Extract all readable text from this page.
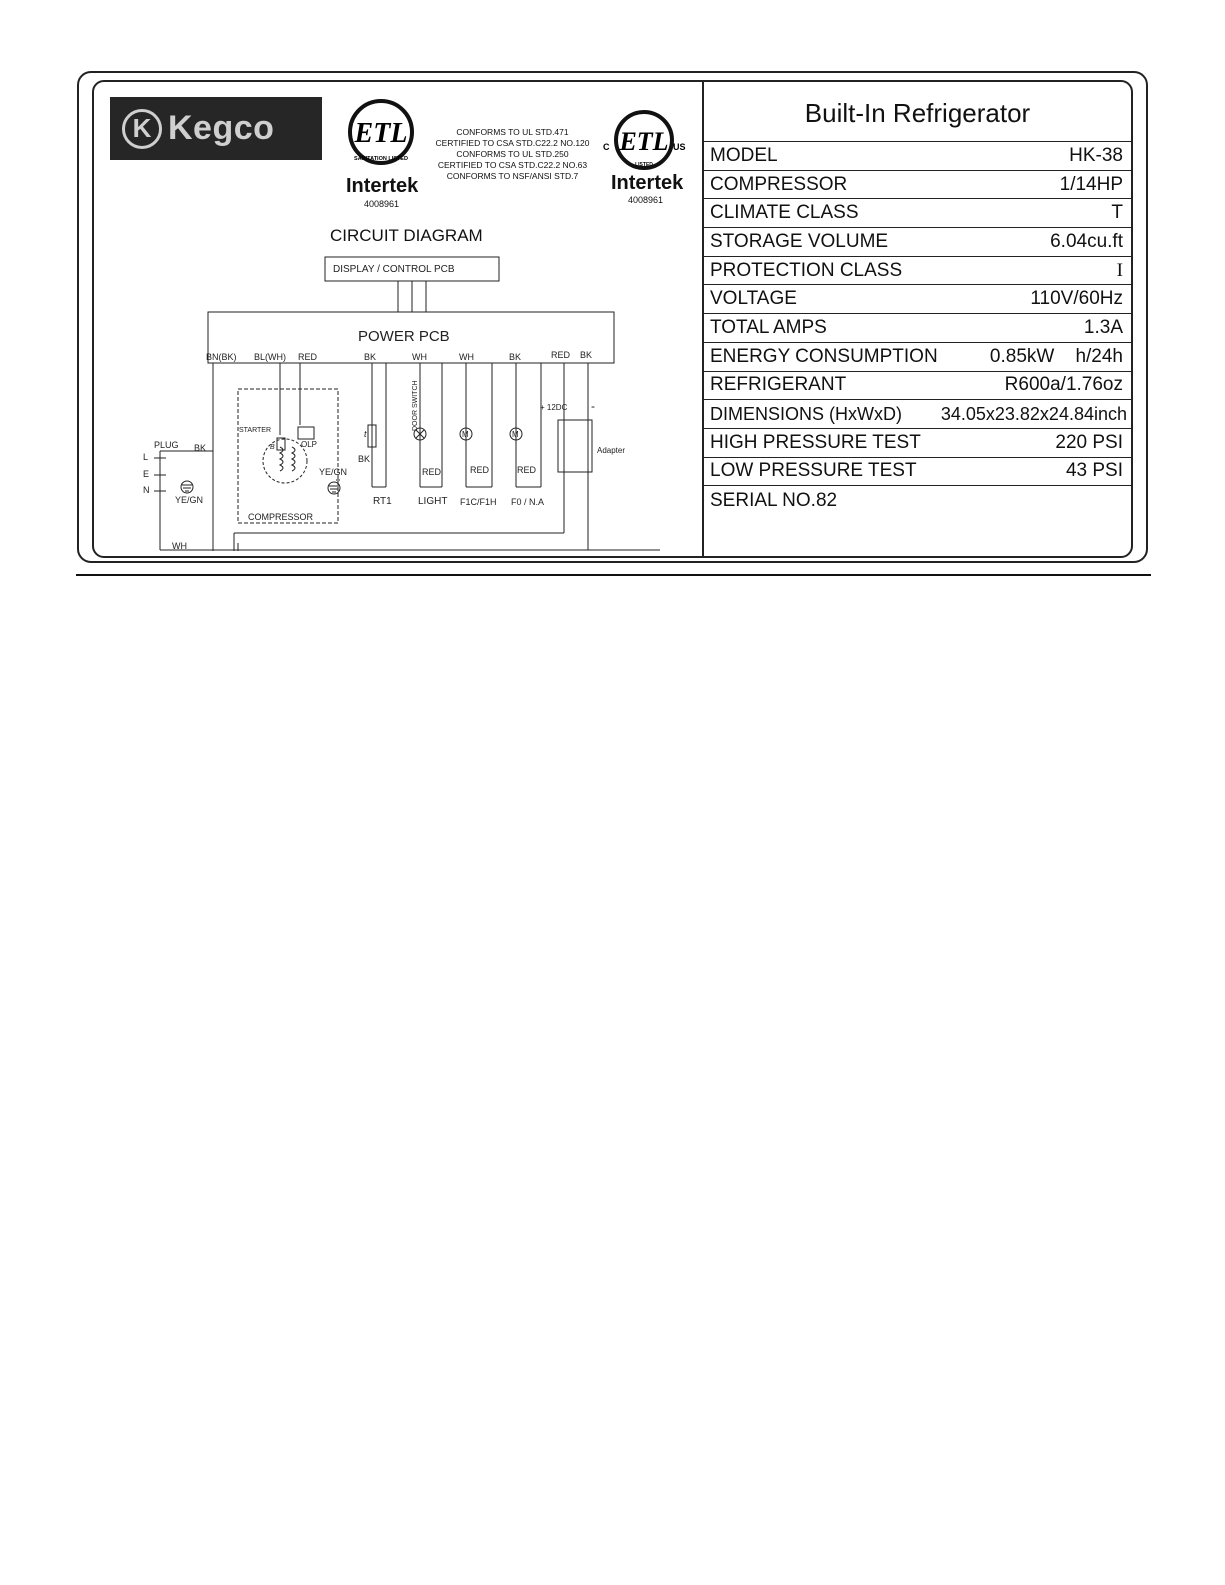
K Kegco	ETL
SANITATION LISTED
Intertek
4008961
CONFORMS TO UL STD.471
CERTIFIED TO CSA STD.C22.2 NO.120
CONFORMS TO UL STD.250
CERTIFIED TO CSA STD.C22.2 NO.63
CONFORMS TO NSF/ANSI STD.7
ETL
LISTED
C	US
Intertek
4008961
CIRCUIT DIAGRAM
DISPLAY / CONTROL PCB
POWER PCB
BN(BK) BL(WH) RED	BK	WH	WH	BK	RED BK
PLUG
L
E
N
BK
YE/GN
WH
STARTER
OLP
YE/GN
COMPRESSOR
B
t
BK
DOOR SWITCH
M	M
RED	RED	RED
RT1	LIGHT F1C/F1H F0 / N.A
+ 12DC -
Adapter
Built-In Refrigerator
MODEL	HK-38
COMPRESSOR	1/14HP
CLIMATE CLASS	T
STORAGE VOLUME	6.04cu.ft
PROTECTION CLASS	I
VOLTAGE	110V/60Hz
TOTAL AMPS	1.3A
ENERGY CONSUMPTION	0.85kW    h/24h
REFRIGERANT	R600a/1.76oz
DIMENSIONS (HxWxD) 34.05x23.82x24.84inch
HIGH PRESSURE TEST	220 PSI
LOW PRESSURE TEST	43 PSI
SERIAL NO.82
